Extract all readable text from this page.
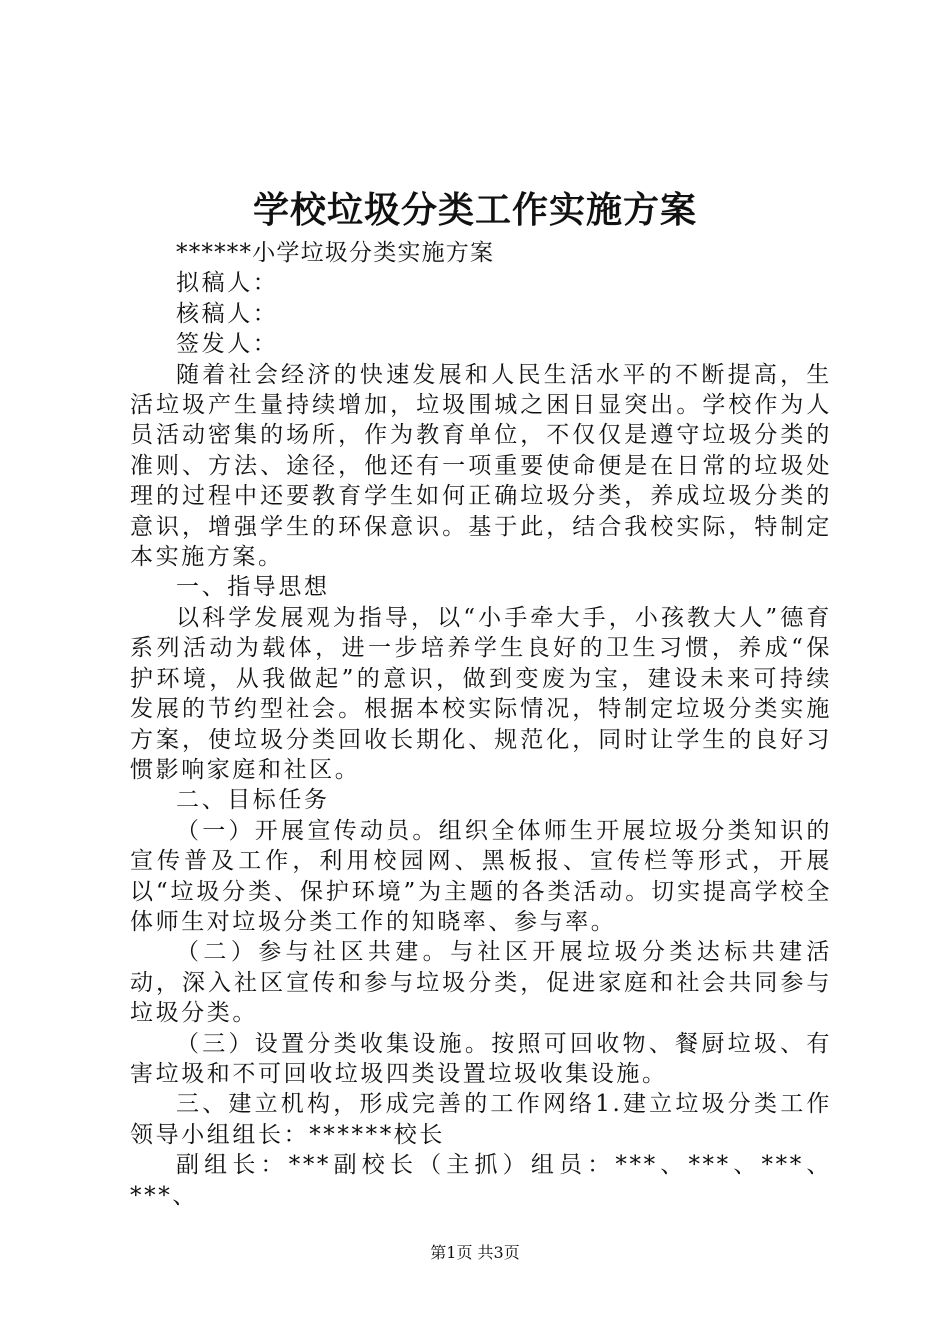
学校垃圾分类工作实施方案

******小学垃圾分类实施方案

拟稿人：

核稿人：

签发人：

随着社会经济的快速发展和人民生活水平的不断提高，生活垃圾产生量持续增加，垃圾围城之困日显突出。学校作为人员活动密集的场所，作为教育单位，不仅仅是遵守垃圾分类的准则、方法、途径，他还有一项重要使命便是在日常的垃圾处理的过程中还要教育学生如何正确垃圾分类，养成垃圾分类的意识，增强学生的环保意识。基于此，结合我校实际，特制定本实施方案。

一、指导思想

以科学发展观为指导，以“小手牵大手，小孩教大人”德育系列活动为载体，进一步培养学生良好的卫生习惯，养成“保护环境，从我做起”的意识，做到变废为宝，建设未来可持续发展的节约型社会。根据本校实际情况，特制定垃圾分类实施方案，使垃圾分类回收长期化、规范化，同时让学生的良好习惯影响家庭和社区。

二、目标任务

（一）开展宣传动员。组织全体师生开展垃圾分类知识的宣传普及工作，利用校园网、黑板报、宣传栏等形式，开展以“垃圾分类、保护环境”为主题的各类活动。切实提高学校全体师生对垃圾分类工作的知晓率、参与率。

（二）参与社区共建。与社区开展垃圾分类达标共建活动，深入社区宣传和参与垃圾分类，促进家庭和社会共同参与垃圾分类。

（三）设置分类收集设施。按照可回收物、餐厨垃圾、有害垃圾和不可回收垃圾四类设置垃圾收集设施。

三、建立机构，形成完善的工作网络1.建立垃圾分类工作领导小组组长：******校长

副组长：***副校长（主抓）组员：***、***、***、***、

第1页 共3页
